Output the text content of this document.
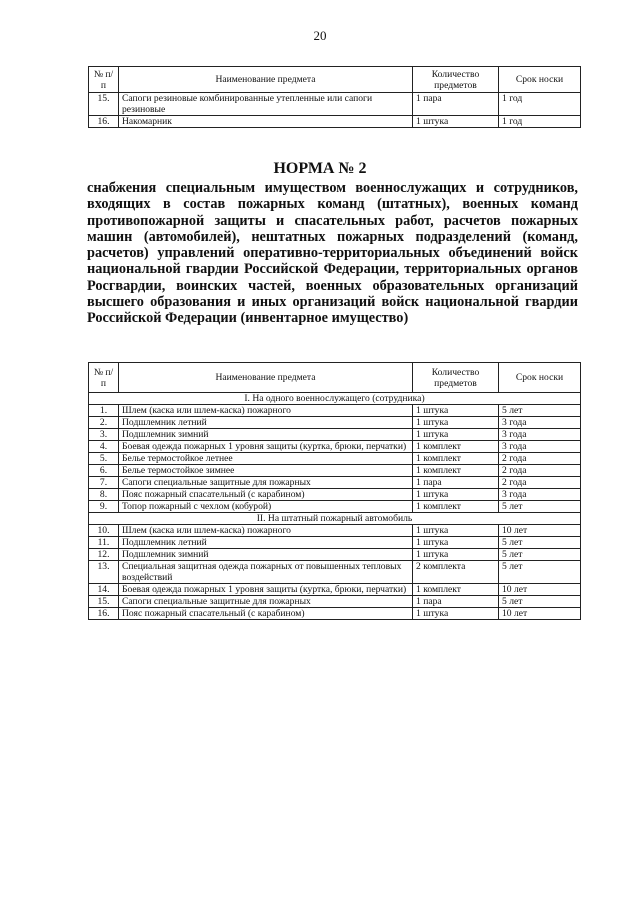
20
№ п/п	Наименование предмета	Количество предметов	Срок носки
15.	Сапоги резиновые комбинированные утепленные или сапоги резиновые	1 пара	1 год
16.	Накомарник	1 штука	1 год
НОРМА № 2
снабжения специальным имуществом военнослужащих и сотрудников, входящих в состав пожарных команд (штатных), военных команд противопожарной защиты и спасательных работ, расчетов пожарных машин (автомобилей), нештатных пожарных подразделений (команд, расчетов) управлений оперативно-территориальных объединений войск национальной гвардии Российской Федерации, территориальных органов Росгвардии, воинских частей, военных образовательных организаций высшего образования и иных организаций войск национальной гвардии Российской Федерации (инвентарное имущество)
№ п/п	Наименование предмета	Количество предметов	Срок носки
I. На одного военнослужащего (сотрудника)			
1.	Шлем (каска или шлем-каска) пожарного	1 штука	5 лет
2.	Подшлемник летний	1 штука	3 года
3.	Подшлемник зимний	1 штука	3 года
4.	Боевая одежда пожарных 1 уровня защиты (куртка, брюки, перчатки)	1 комплект	3 года
5.	Белье термостойкое летнее	1 комплект	2 года
6.	Белье термостойкое зимнее	1 комплект	2 года
7.	Сапоги специальные защитные для пожарных	1 пара	2 года
8.	Пояс пожарный спасательный (с карабином)	1 штука	3 года
9.	Топор пожарный с чехлом (кобурой)	1 комплект	5 лет
II. На штатный пожарный автомобиль			
10.	Шлем (каска или шлем-каска) пожарного	1 штука	10 лет
11.	Подшлемник летний	1 штука	5 лет
12.	Подшлемник зимний	1 штука	5 лет
13.	Специальная защитная одежда пожарных от повышенных тепловых воздействий	2 комплекта	5 лет
14.	Боевая одежда пожарных 1 уровня защиты (куртка, брюки, перчатки)	1 комплект	10 лет
15.	Сапоги специальные защитные для пожарных	1 пара	5 лет
16.	Пояс пожарный спасательный (с карабином)	1 штука	10 лет
